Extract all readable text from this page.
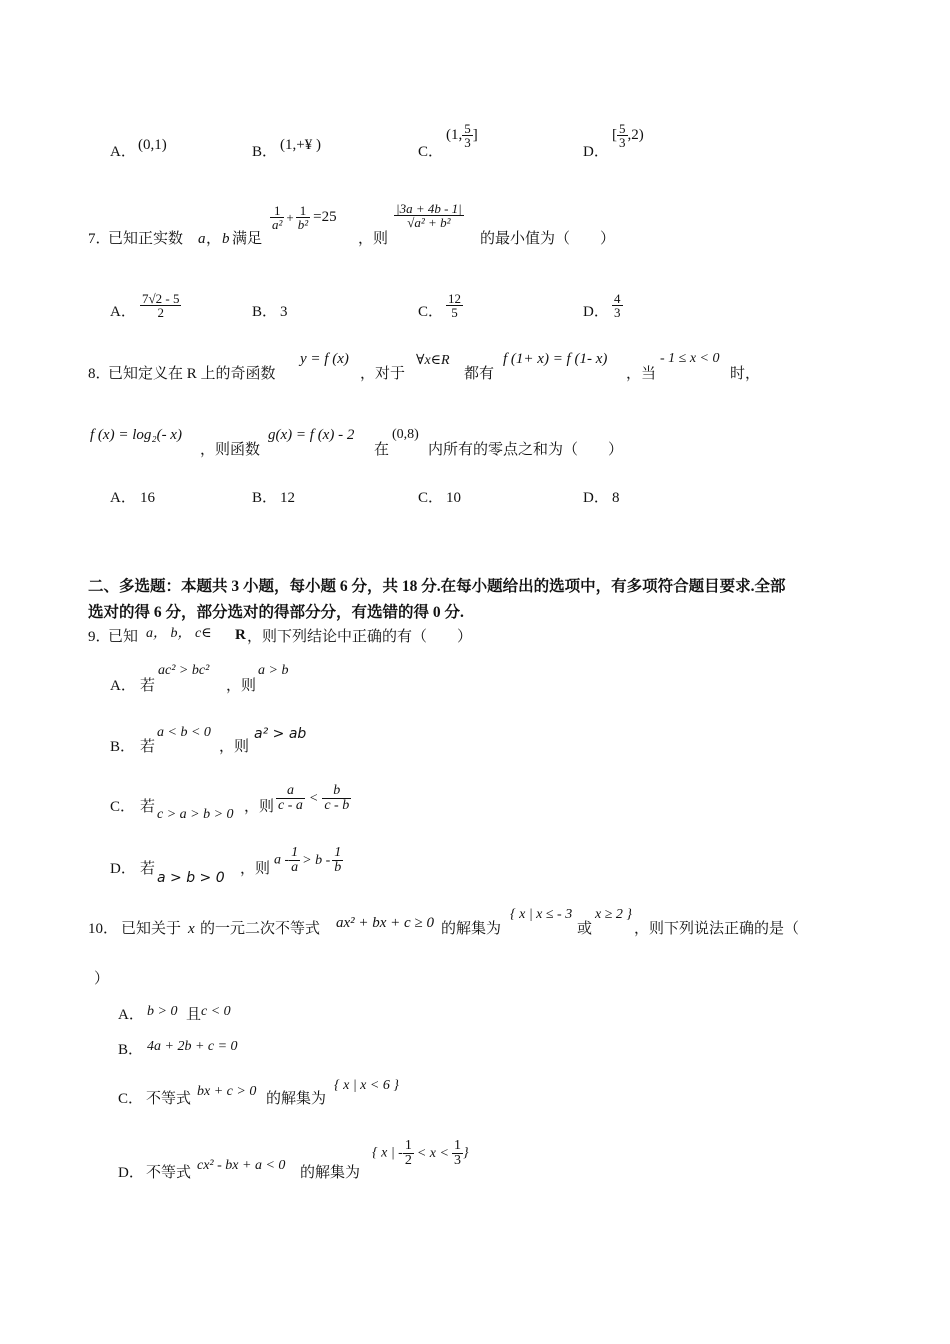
A． (0,1)	B． (1,+¥ )	C．
(1, $\frac{5}{3}$ ]
D．
[ $\frac{5}{3} ,2$)
7．
已知正实数 a ， b 满足
$\frac{1}{\text{a²}} + \frac{1}{\text{b²}} =25$
，则
$\frac{|3a + 4b - 1|}{\text{√a² + b²}}$
的最小值为（　　）
A． $\frac{7√2 - 5}{2}$	B． 3	C． $\frac{12}{5}$	D． $\frac{4}{3}$
8．
已知定义在 R 上的奇函数
y = f (x)
，对于
∀x∈R
都有
f (1+ x) = f (1- x)
，当
- 1 ≤ x < 0
时，
f (x) = log₂(- x)
，则函数
g(x) = f (x) - 2
在
(0,8)
内所有的零点之和为（　　）
A． 16	B． 12	C． 10	D． 8
二、多选题：本题共 3 小题，每小题 6 分，共 18 分.在每小题给出的选项中，有多项符合题目要求.全部
选对的得 6 分，部分选对的得部分分，有选错的得 0 分.
9．
已知 a， b， c∈ R ，则下列结论中正确的有（　　）
A． 若
ac² > bc²
，则
a > b
B． 若
a < b < 0
，则
a² > ab
C． 若 c > a > b > 0 ，则 $\frac{a}{c - a} < \frac{b}{c - b}$
D． 若
a > b > 0
，则
$a - \frac{1}{a} > b - \frac{1}{b}$
10． 已知关于 x 的一元二次不等式 ax² + bx + c ≥ 0 的解集为
{ x | x ≤ - 3
或
x ≥ 2 }
，则下列说法正确的是（
）
A． b > 0 且 c < 0
B． 4a + 2b + c = 0
C． 不等式 bx + c > 0 的解集为
{ x | x < 6 }
D． 不等式 cx² - bx + a < 0 的解集为
{ x | - $\frac{1}{2} < x < \frac{1}{3}$ }
